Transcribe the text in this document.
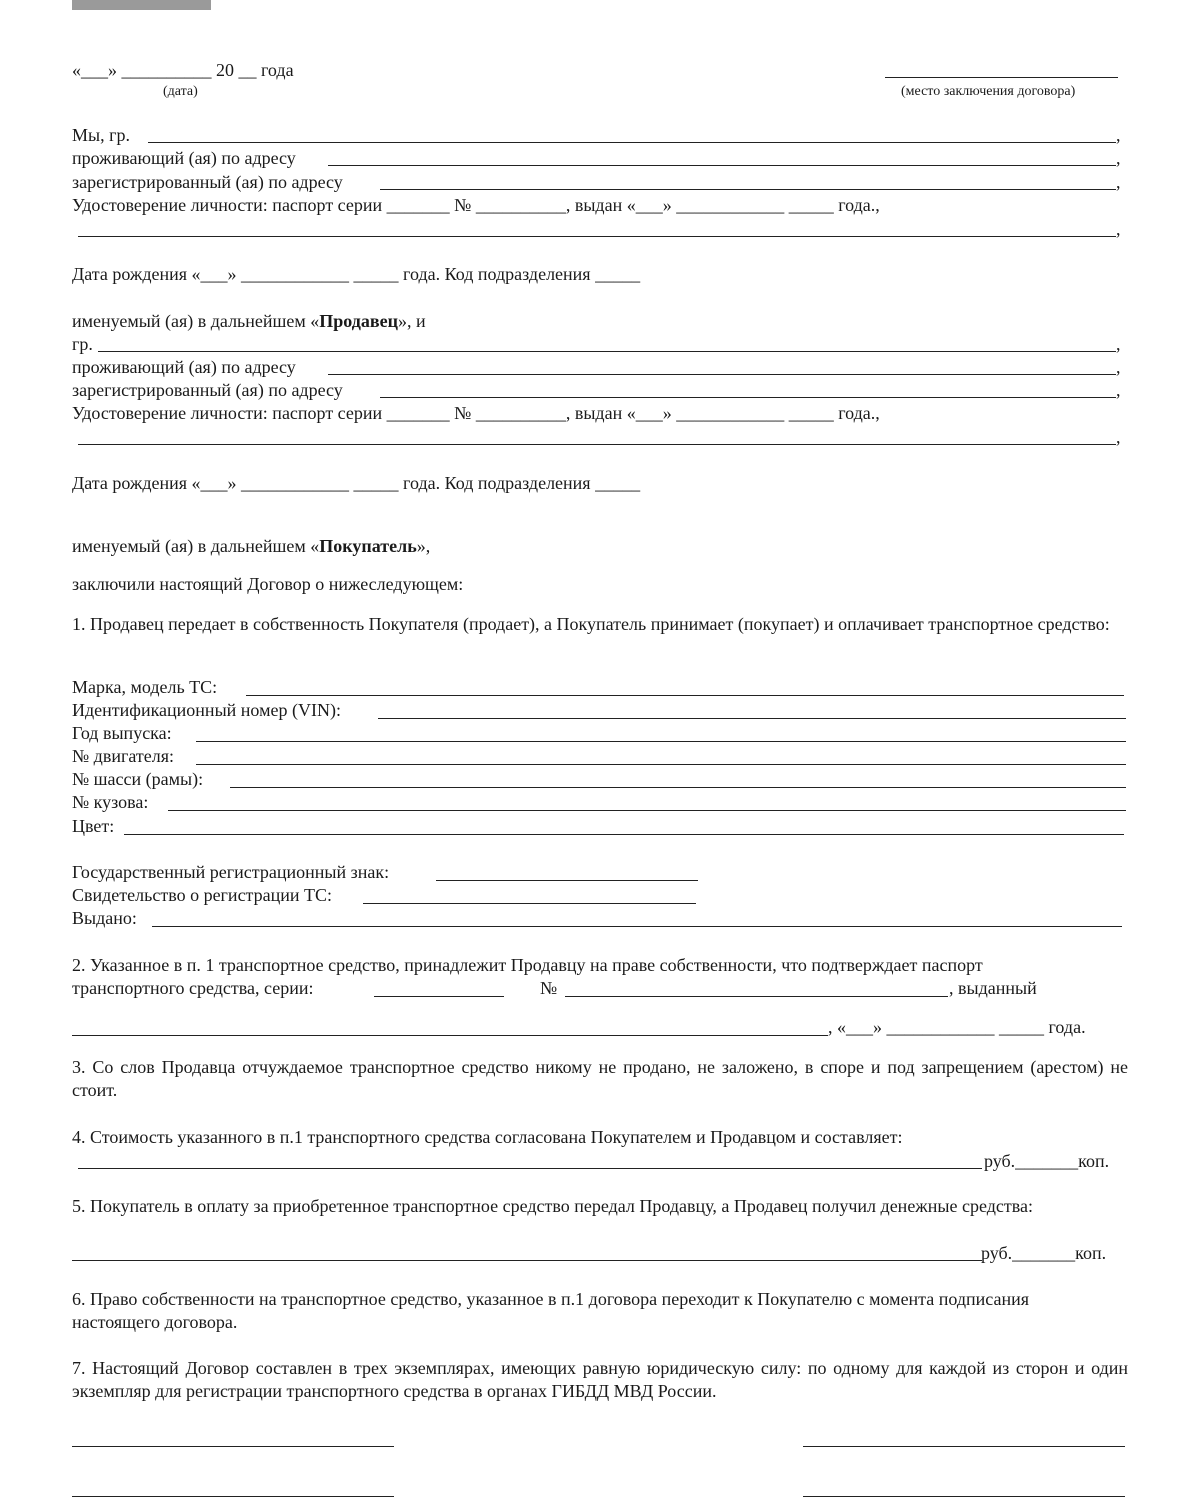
«___» __________ 20 __ года
(дата)	(место заключения договора)
Мы, гр.	,
проживающий (ая) по адресу	,
зарегистрированный (ая) по адресу	,
Удостоверение личности: паспорт серии _______ № __________, выдан «___» ____________ _____ года.,
,
Дата рождения «___» ____________ _____ года. Код подразделения _____
именуемый (ая) в дальнейшем «Продавец», и
гр.	,
проживающий (ая) по адресу	,
зарегистрированный (ая) по адресу	,
Удостоверение личности: паспорт серии _______ № __________, выдан «___» ____________ _____ года.,
,
Дата рождения «___» ____________ _____ года. Код подразделения _____
именуемый (ая) в дальнейшем «Покупатель»,
заключили настоящий Договор о нижеследующем:
1. Продавец передает в собственность Покупателя (продает), а Покупатель принимает (покупает) и оплачивает транспортное средство:
Марка, модель ТС:
Идентификационный номер (VIN):
Год выпуска:
№ двигателя:
№ шасси (рамы):
№ кузова:
Цвет:
Государственный регистрационный знак:
Свидетельство о регистрации ТС:
Выдано:
2. Указанное в п. 1 транспортное средство, принадлежит Продавцу на праве собственности, что подтверждает паспорт
транспортного средства, серии:	№	, выданный
, «___» ____________ _____ года.
3. Со слов Продавца отчуждаемое транспортное средство никому не продано, не заложено, в споре и под запрещением (арестом) не стоит.
4. Стоимость указанного в п.1 транспортного средства согласована Покупателем и Продавцом и составляет:
руб._______коп.
5. Покупатель в оплату за приобретенное транспортное средство передал Продавцу, а Продавец получил денежные средства:
руб._______коп.
6. Право собственности на транспортное средство, указанное в п.1 договора переходит к Покупателю с момента подписания настоящего договора.
7. Настоящий Договор составлен в трех экземплярах, имеющих равную юридическую силу: по одному для каждой из сторон и один экземпляр для регистрации транспортного средства в органах ГИБДД МВД России.
